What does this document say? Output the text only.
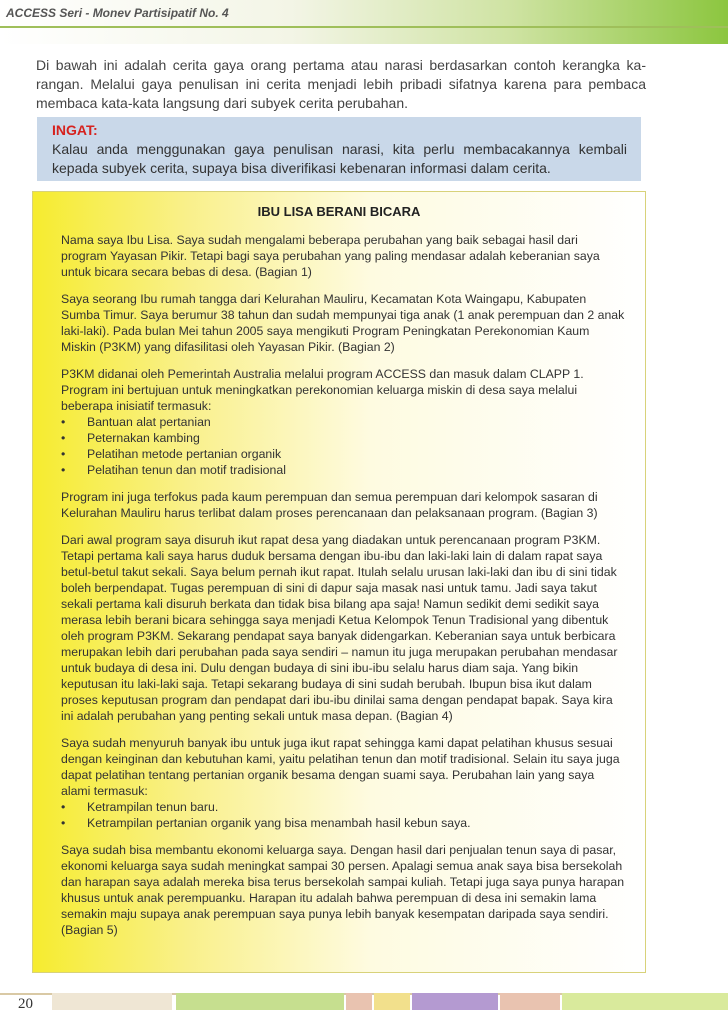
ACCESS Seri - Monev Partisipatif No. 4
Di bawah ini adalah cerita gaya orang pertama atau narasi berdasarkan contoh kerangka ka-rangan. Melalui gaya penulisan ini cerita menjadi lebih pribadi sifatnya karena para pembaca membaca kata-kata langsung dari subyek cerita perubahan.
INGAT:
Kalau anda menggunakan gaya penulisan narasi, kita perlu membacakannya kembali kepada subyek cerita, supaya bisa diverifikasi kebenaran informasi dalam cerita.
IBU LISA BERANI BICARA

Nama saya Ibu Lisa. Saya sudah mengalami beberapa perubahan yang baik sebagai hasil dari program Yayasan Pikir. Tetapi bagi saya perubahan yang paling mendasar adalah keberanian saya untuk bicara secara bebas di desa. (Bagian 1)

Saya seorang Ibu rumah tangga dari Kelurahan Mauliru, Kecamatan Kota Waingapu, Kabupaten Sumba Timur. Saya berumur 38 tahun dan sudah mempunyai tiga anak (1 anak perempuan dan 2 anak laki-laki). Pada bulan Mei tahun 2005 saya mengikuti Program Peningkatan Perekonomian Kaum Miskin (P3KM) yang difasilitasi oleh Yayasan Pikir. (Bagian 2)

P3KM didanai oleh Pemerintah Australia melalui program ACCESS dan masuk dalam CLAPP 1. Program ini bertujuan untuk meningkatkan perekonomian keluarga miskin di desa saya melalui beberapa inisiatif termasuk:

• Bantuan alat pertanian
• Peternakan kambing
• Pelatihan metode pertanian organik
• Pelatihan tenun dan motif tradisional

Program ini juga terfokus pada kaum perempuan dan semua perempuan dari kelompok sasaran di Kelurahan Mauliru harus terlibat dalam proses perencanaan dan pelaksanaan program. (Bagian 3)

Dari awal program saya disuruh ikut rapat desa yang diadakan untuk perencanaan program P3KM. Tetapi pertama kali saya harus duduk bersama dengan ibu-ibu dan laki-laki lain di dalam rapat saya betul-betul takut sekali. Saya belum pernah ikut rapat. Itulah selalu urusan laki-laki dan ibu di sini tidak boleh berpendapat. Tugas perempuan di sini di dapur saja masak nasi untuk tamu. Jadi saya takut sekali pertama kali disuruh berkata dan tidak bisa bilang apa saja! Namun sedikit demi sedikit saya merasa lebih berani bicara sehingga saya menjadi Ketua Kelompok Tenun Tradisional yang dibentuk oleh program P3KM. Sekarang pendapat saya banyak didengarkan. Keberanian saya untuk berbicara merupakan lebih dari perubahan pada saya sendiri – namun itu juga merupakan perubahan mendasar untuk budaya di desa ini. Dulu dengan budaya di sini ibu-ibu selalu harus diam saja. Yang bikin keputusan itu laki-laki saja. Tetapi sekarang budaya di sini sudah berubah. Ibupun bisa ikut dalam proses keputusan program dan pendapat dari ibu-ibu dinilai sama dengan pendapat bapak. Saya kira ini adalah perubahan yang penting sekali untuk masa depan. (Bagian 4)

Saya sudah menyuruh banyak ibu untuk juga ikut rapat sehingga kami dapat pelatihan khusus sesuai dengan keinginan dan kebutuhan kami, yaitu pelatihan tenun dan motif tradisional. Selain itu saya juga dapat pelatihan tentang pertanian organik besama dengan suami saya. Perubahan lain yang saya alami termasuk:

• Ketrampilan tenun baru.
• Ketrampilan pertanian organik yang bisa menambah hasil kebun saya.

Saya sudah bisa membantu ekonomi keluarga saya. Dengan hasil dari penjualan tenun saya di pasar, ekonomi keluarga saya sudah meningkat sampai 30 persen. Apalagi semua anak saya bisa bersekolah dan harapan saya adalah mereka bisa terus bersekolah sampai kuliah. Tetapi juga saya punya harapan khusus untuk anak perempuanku. Harapan itu adalah bahwa perempuan di desa ini semakin lama semakin maju supaya anak perempuan saya punya lebih banyak kesempatan daripada saya sendiri. (Bagian 5)

20
